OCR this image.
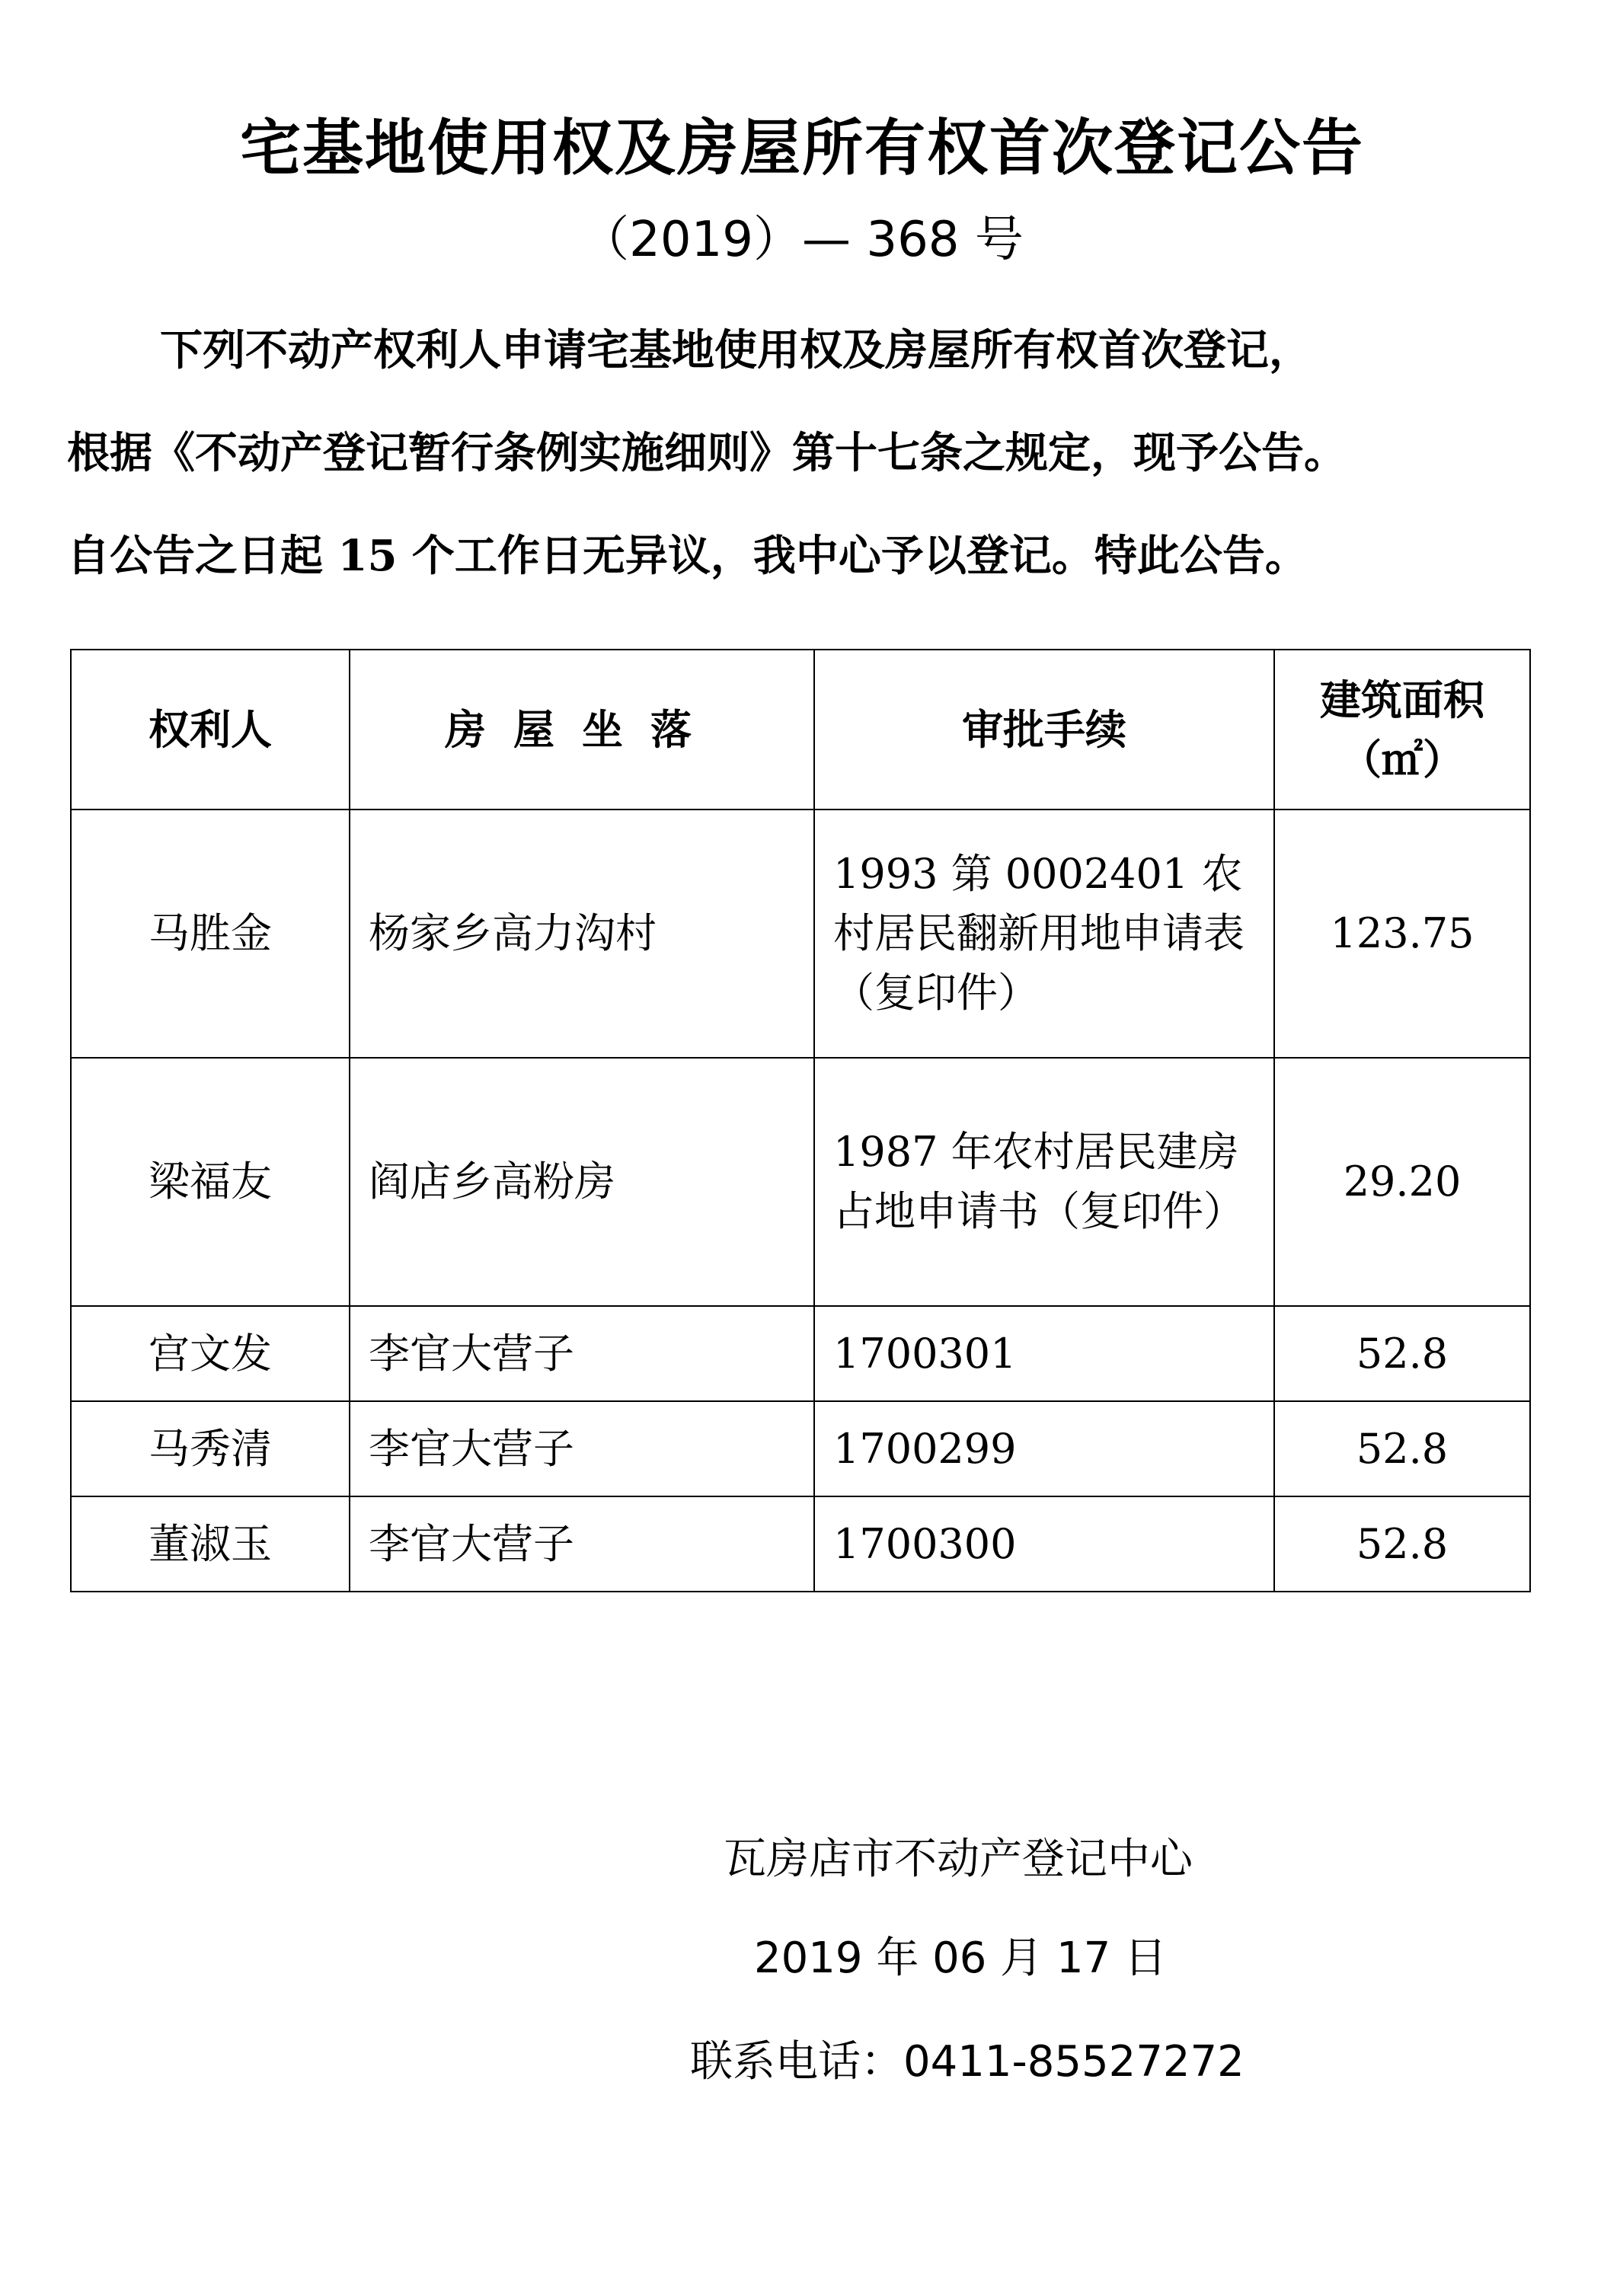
宅基地使用权及房屋所有权首次登记公告
（2019）— 368 号
下列不动产权利人申请宅基地使用权及房屋所有权首次登记，
根据《不动产登记暂行条例实施细则》第十七条之规定，现予公告。
自公告之日起 15 个工作日无异议，我中心予以登记。特此公告。
权利人	房屋坐落	审批手续	建筑面积
（㎡）

马胜金	杨家乡高力沟村	1993 第 0002401 农村居民翻新用地申请表（复印件）	123.75
梁福友	阎店乡高粉房	1987 年农村居民建房占地申请书（复印件）	29.20
宫文发	李官大营子	1700301	52.8
马秀清	李官大营子	1700299	52.8
董淑玉	李官大营子	1700300	52.8
瓦房店市不动产登记中心
2019 年 06 月 17 日
联系电话：0411-85527272
